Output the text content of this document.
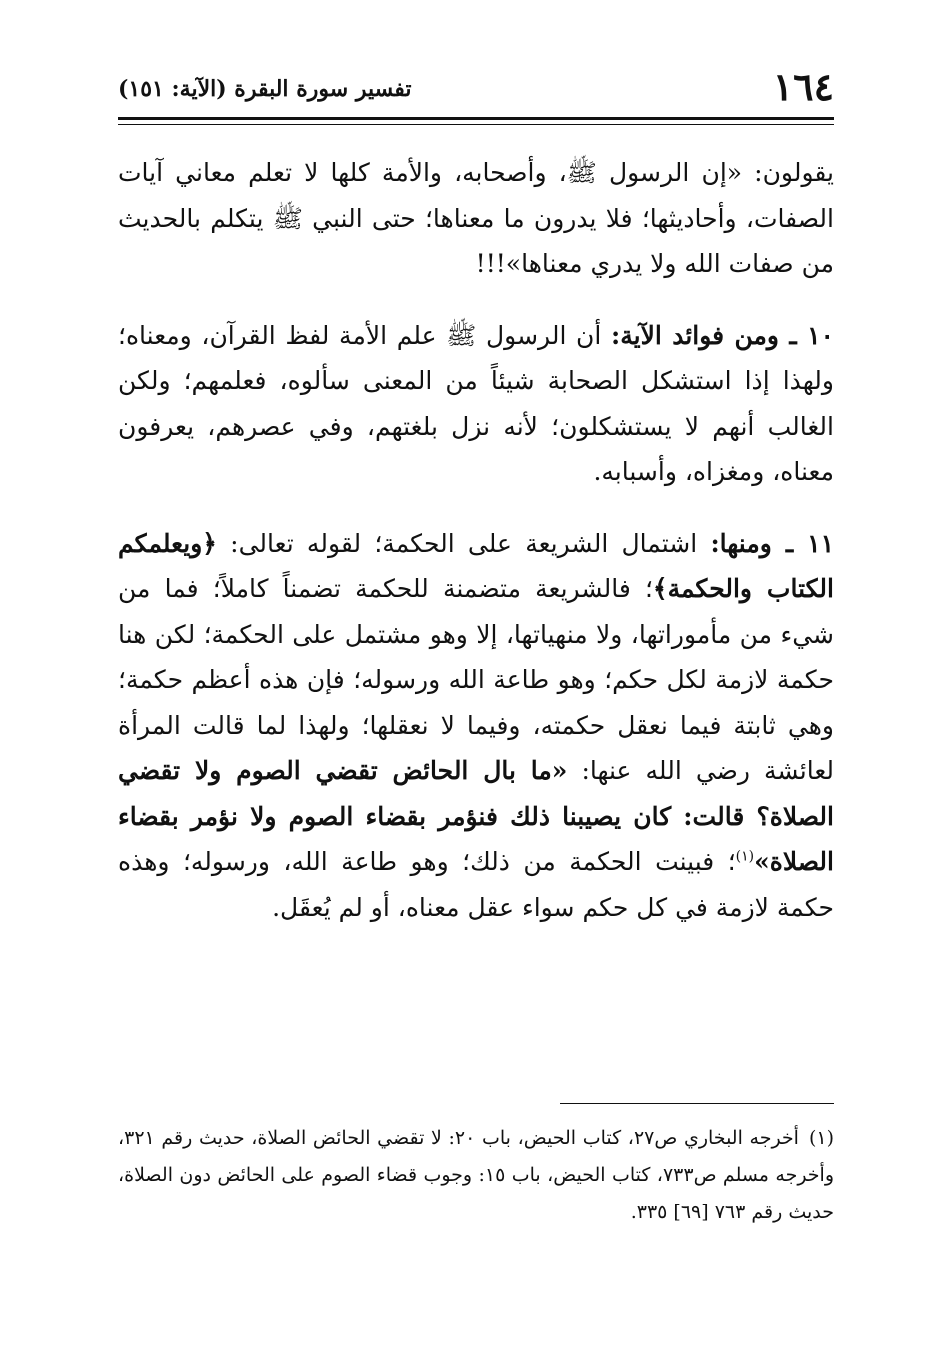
١٦٤
تفسير سورة البقرة (الآية: ١٥١)

يقولون: «إن الرسول ﷺ، وأصحابه، والأمة كلها لا تعلم معاني آيات الصفات، وأحاديثها؛ فلا يدرون ما معناها؛ حتى النبي ﷺ يتكلم بالحديث من صفات الله ولا يدري معناها»!!!

١٠ ـ ومن فوائد الآية: أن الرسول ﷺ علم الأمة لفظ القرآن، ومعناه؛ ولهذا إذا استشكل الصحابة شيئاً من المعنى سألوه، فعلمهم؛ ولكن الغالب أنهم لا يستشكلون؛ لأنه نزل بلغتهم، وفي عصرهم، يعرفون معناه، ومغزاه، وأسبابه.

١١ ـ ومنها: اشتمال الشريعة على الحكمة؛ لقوله تعالى: ﴿ويعلمكم الكتاب والحكمة﴾؛ فالشريعة متضمنة للحكمة تضمناً كاملاً؛ فما من شيء من مأموراتها، ولا منهياتها، إلا وهو مشتمل على الحكمة؛ لكن هنا حكمة لازمة لكل حكم؛ وهو طاعة الله ورسوله؛ فإن هذه أعظم حكمة؛ وهي ثابتة فيما نعقل حكمته، وفيما لا نعقلها؛ ولهذا لما قالت المرأة لعائشة رضي الله عنها: «ما بال الحائض تقضي الصوم ولا تقضي الصلاة؟ قالت: كان يصيبنا ذلك فنؤمر بقضاء الصوم ولا نؤمر بقضاء الصلاة»$^{(١)}$؛ فبينت الحكمة من ذلك؛ وهو طاعة الله، ورسوله؛ وهذه حكمة لازمة في كل حكم سواء عقل معناه، أو لم يُعقَل.

(١)أخرجه البخاري ص٢٧، كتاب الحيض، باب ٢٠: لا تقضي الحائض الصلاة، حديث رقم ٣٢١، وأخرجه مسلم ص٧٣٣، كتاب الحيض، باب ١٥: وجوب قضاء الصوم على الحائض دون الصلاة، حديث رقم ٧٦٣ [٦٩] ٣٣٥.
